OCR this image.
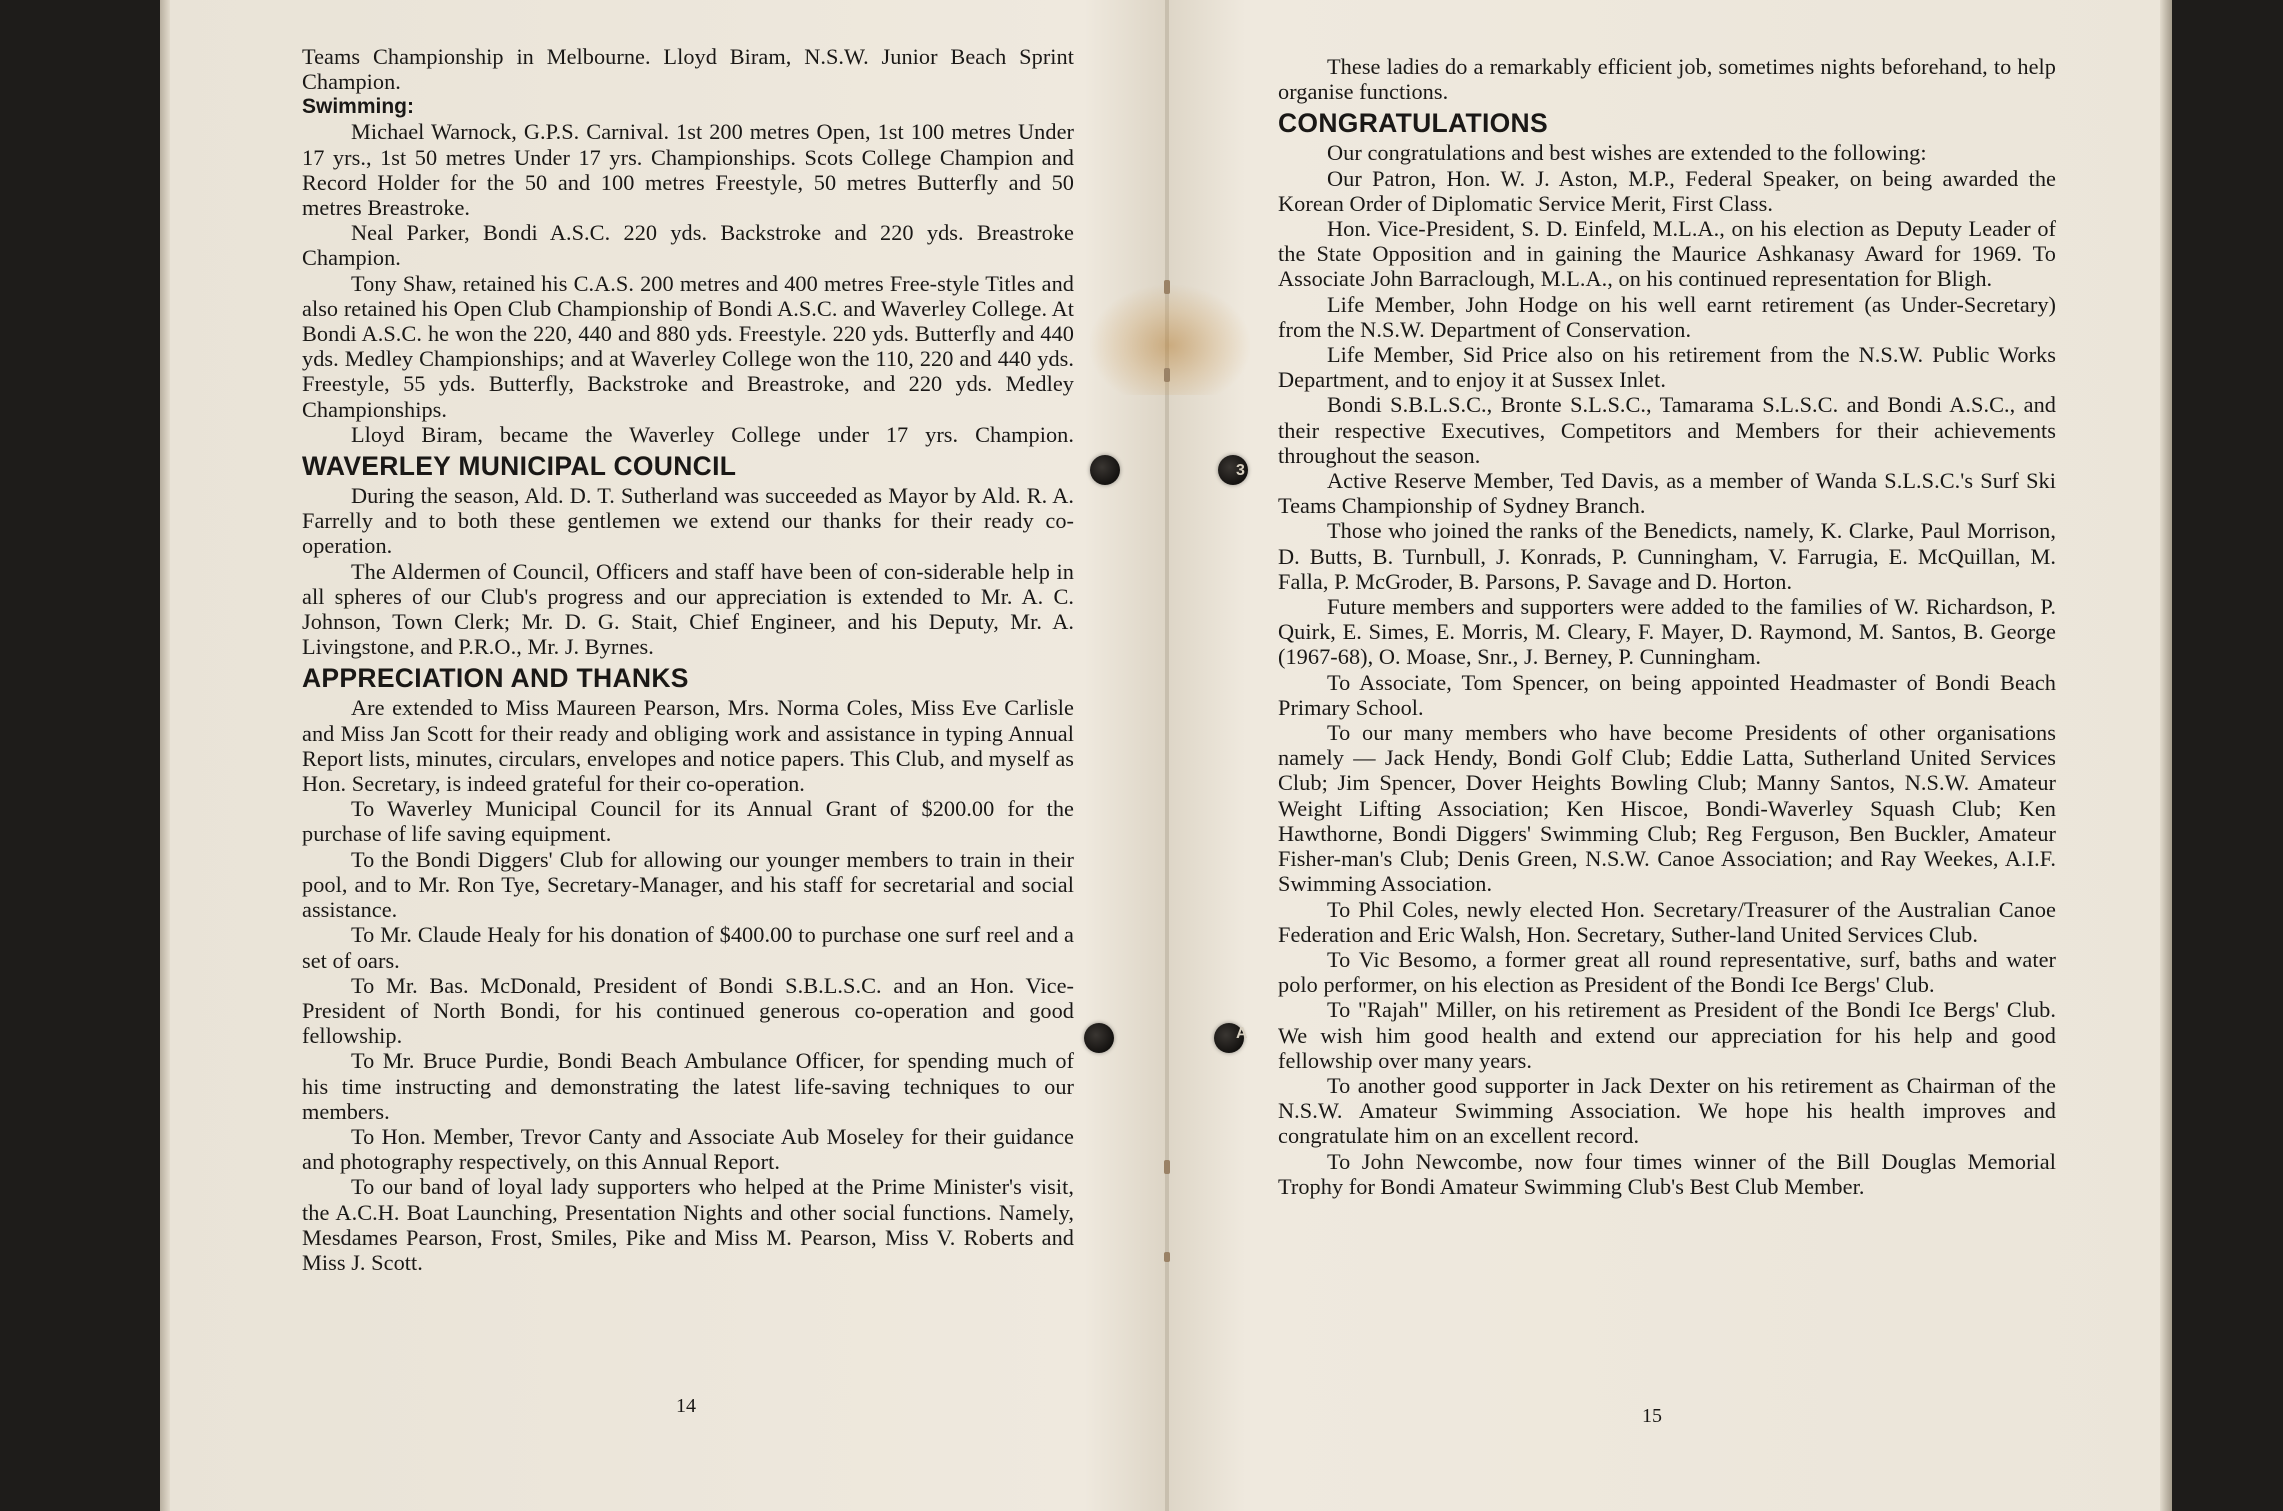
3
A

Teams Championship in Melbourne. Lloyd Biram, N.S.W. Junior Beach Sprint Champion.

Swimming:

Michael Warnock, G.P.S. Carnival. 1st 200 metres Open, 1st 100 metres Under 17 yrs., 1st 50 metres Under 17 yrs. Championships. Scots College Champion and Record Holder for the 50 and 100 metres Freestyle, 50 metres Butterfly and 50 metres Breastroke.

Neal Parker, Bondi A.S.C. 220 yds. Backstroke and 220 yds. Breastroke Champion.

Tony Shaw, retained his C.A.S. 200 metres and 400 metres Free-style Titles and also retained his Open Club Championship of Bondi A.S.C. and Waverley College. At Bondi A.S.C. he won the 220, 440 and 880 yds. Freestyle. 220 yds. Butterfly and 440 yds. Medley Championships; and at Waverley College won the 110, 220 and 440 yds. Freestyle, 55 yds. Butterfly, Backstroke and Breastroke, and 220 yds. Medley Championships.

Lloyd Biram, became the Waverley College under 17 yrs. Champion.

WAVERLEY MUNICIPAL COUNCIL

During the season, Ald. D. T. Sutherland was succeeded as Mayor by Ald. R. A. Farrelly and to both these gentlemen we extend our thanks for their ready co-operation.

The Aldermen of Council, Officers and staff have been of con-siderable help in all spheres of our Club's progress and our appreciation is extended to Mr. A. C. Johnson, Town Clerk; Mr. D. G. Stait, Chief Engineer, and his Deputy, Mr. A. Livingstone, and P.R.O., Mr. J. Byrnes.

APPRECIATION AND THANKS

Are extended to Miss Maureen Pearson, Mrs. Norma Coles, Miss Eve Carlisle and Miss Jan Scott for their ready and obliging work and assistance in typing Annual Report lists, minutes, circulars, envelopes and notice papers. This Club, and myself as Hon. Secretary, is indeed grateful for their co-operation.

To Waverley Municipal Council for its Annual Grant of $200.00 for the purchase of life saving equipment.

To the Bondi Diggers' Club for allowing our younger members to train in their pool, and to Mr. Ron Tye, Secretary-Manager, and his staff for secretarial and social assistance.

To Mr. Claude Healy for his donation of $400.00 to purchase one surf reel and a set of oars.

To Mr. Bas. McDonald, President of Bondi S.B.L.S.C. and an Hon. Vice-President of North Bondi, for his continued generous co-operation and good fellowship.

To Mr. Bruce Purdie, Bondi Beach Ambulance Officer, for spending much of his time instructing and demonstrating the latest life-saving techniques to our members.

To Hon. Member, Trevor Canty and Associate Aub Moseley for their guidance and photography respectively, on this Annual Report.

To our band of loyal lady supporters who helped at the Prime Minister's visit, the A.C.H. Boat Launching, Presentation Nights and other social functions. Namely, Mesdames Pearson, Frost, Smiles, Pike and Miss M. Pearson, Miss V. Roberts and Miss J. Scott.

14

These ladies do a remarkably efficient job, sometimes nights beforehand, to help organise functions.

CONGRATULATIONS

Our congratulations and best wishes are extended to the following:

Our Patron, Hon. W. J. Aston, M.P., Federal Speaker, on being awarded the Korean Order of Diplomatic Service Merit, First Class.

Hon. Vice-President, S. D. Einfeld, M.L.A., on his election as Deputy Leader of the State Opposition and in gaining the Maurice Ashkanasy Award for 1969. To Associate John Barraclough, M.L.A., on his continued representation for Bligh.

Life Member, John Hodge on his well earnt retirement (as Under-Secretary) from the N.S.W. Department of Conservation.

Life Member, Sid Price also on his retirement from the N.S.W. Public Works Department, and to enjoy it at Sussex Inlet.

Bondi S.B.L.S.C., Bronte S.L.S.C., Tamarama S.L.S.C. and Bondi A.S.C., and their respective Executives, Competitors and Members for their achievements throughout the season.

Active Reserve Member, Ted Davis, as a member of Wanda S.L.S.C.'s Surf Ski Teams Championship of Sydney Branch.

Those who joined the ranks of the Benedicts, namely, K. Clarke, Paul Morrison, D. Butts, B. Turnbull, J. Konrads, P. Cunningham, V. Farrugia, E. McQuillan, M. Falla, P. McGroder, B. Parsons, P. Savage and D. Horton.

Future members and supporters were added to the families of W. Richardson, P. Quirk, E. Simes, E. Morris, M. Cleary, F. Mayer, D. Raymond, M. Santos, B. George (1967-68), O. Moase, Snr., J. Berney, P. Cunningham.

To Associate, Tom Spencer, on being appointed Headmaster of Bondi Beach Primary School.

To our many members who have become Presidents of other organisations namely — Jack Hendy, Bondi Golf Club; Eddie Latta, Sutherland United Services Club; Jim Spencer, Dover Heights Bowling Club; Manny Santos, N.S.W. Amateur Weight Lifting Association; Ken Hiscoe, Bondi-Waverley Squash Club; Ken Hawthorne, Bondi Diggers' Swimming Club; Reg Ferguson, Ben Buckler, Amateur Fisher-man's Club; Denis Green, N.S.W. Canoe Association; and Ray Weekes, A.I.F. Swimming Association.

To Phil Coles, newly elected Hon. Secretary/Treasurer of the Australian Canoe Federation and Eric Walsh, Hon. Secretary, Suther-land United Services Club.

To Vic Besomo, a former great all round representative, surf, baths and water polo performer, on his election as President of the Bondi Ice Bergs' Club.

To "Rajah" Miller, on his retirement as President of the Bondi Ice Bergs' Club. We wish him good health and extend our appreciation for his help and good fellowship over many years.

To another good supporter in Jack Dexter on his retirement as Chairman of the N.S.W. Amateur Swimming Association. We hope his health improves and congratulate him on an excellent record.

To John Newcombe, now four times winner of the Bill Douglas Memorial Trophy for Bondi Amateur Swimming Club's Best Club Member.

15
